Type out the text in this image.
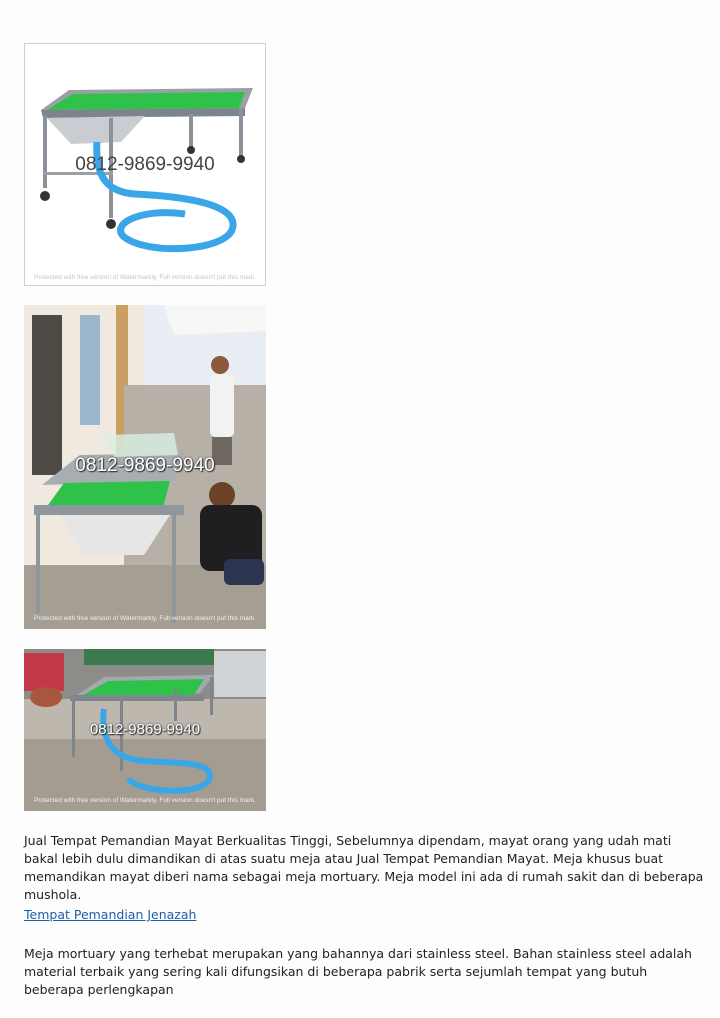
0812-9869-9940
Protected with free version of Watermarkly. Full version doesn't put this mark.
0812-9869-9940
Protected with free version of Watermarkly. Full version doesn't put this mark.
0812-9869-9940
Protected with free version of Watermarkly. Full version doesn't put this mark.
Jual Tempat Pemandian Mayat Berkualitas Tinggi, Sebelumnya dipendam, mayat orang yang udah mati bakal lebih dulu dimandikan di atas suatu meja atau Jual Tempat Pemandian Mayat. Meja khusus buat memandikan mayat diberi nama sebagai meja mortuary. Meja model ini ada di rumah sakit dan di beberapa mushola.
Tempat Pemandian Jenazah
Meja mortuary yang terhebat merupakan yang bahannya dari stainless steel. Bahan stainless steel adalah material terbaik yang sering kali difungsikan di beberapa pabrik serta sejumlah tempat yang butuh beberapa perlengkapan
